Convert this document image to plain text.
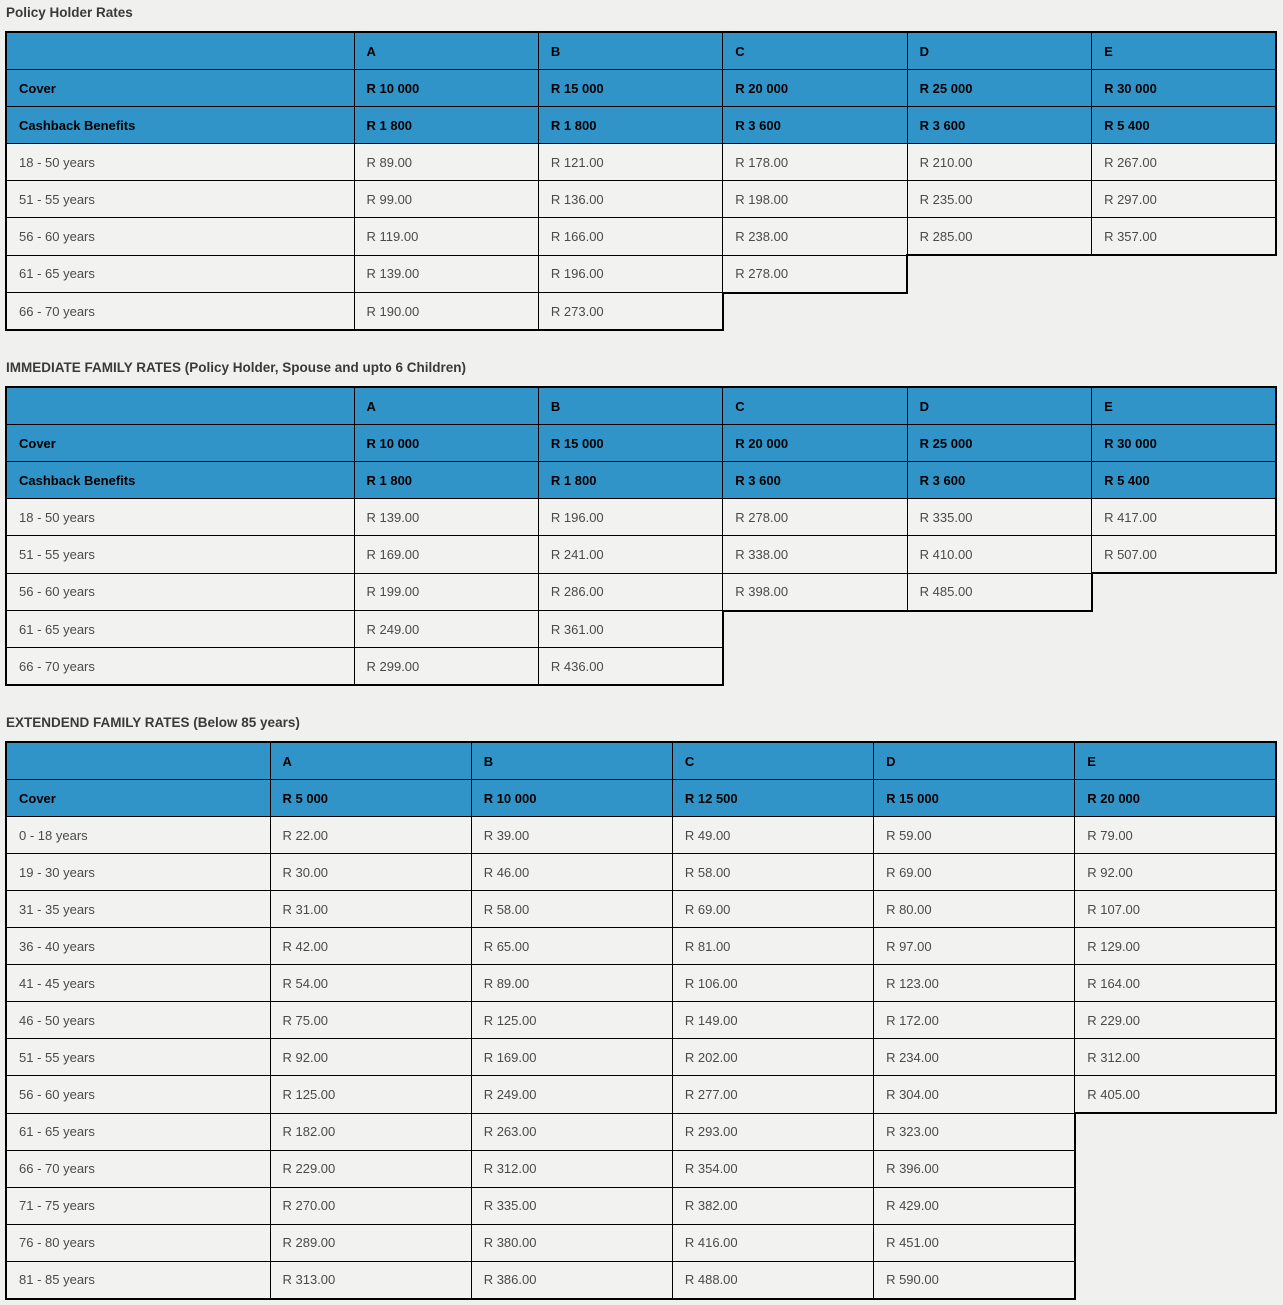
Policy Holder Rates
	A	B	C	D	E
Cover	R 10 000	R 15 000	R 20 000	R 25 000	R 30 000
Cashback Benefits	R 1 800	R 1 800	R 3 600	R 3 600	R 5 400
18 - 50 years	R 89.00	R 121.00	R 178.00	R 210.00	R 267.00
51 - 55 years	R 99.00	R 136.00	R 198.00	R 235.00	R 297.00
56 - 60 years	R 119.00	R 166.00	R 238.00	R 285.00	R 357.00
61 - 65 years	R 139.00	R 196.00	R 278.00		
66 - 70 years	R 190.00	R 273.00			
IMMEDIATE FAMILY RATES (Policy Holder, Spouse and upto 6 Children)
	A	B	C	D	E
Cover	R 10 000	R 15 000	R 20 000	R 25 000	R 30 000
Cashback Benefits	R 1 800	R 1 800	R 3 600	R 3 600	R 5 400
18 - 50 years	R 139.00	R 196.00	R 278.00	R 335.00	R 417.00
51 - 55 years	R 169.00	R 241.00	R 338.00	R 410.00	R 507.00
56 - 60 years	R 199.00	R 286.00	R 398.00	R 485.00	
61 - 65 years	R 249.00	R 361.00			
66 - 70 years	R 299.00	R 436.00			
EXTENDEND FAMILY RATES (Below 85 years)
	A	B	C	D	E
Cover	R 5 000	R 10 000	R 12 500	R 15 000	R 20 000
0 - 18 years	R 22.00	R 39.00	R 49.00	R 59.00	R 79.00
19 - 30 years	R 30.00	R 46.00	R 58.00	R 69.00	R 92.00
31 - 35 years	R 31.00	R 58.00	R 69.00	R 80.00	R 107.00
36 - 40 years	R 42.00	R 65.00	R 81.00	R 97.00	R 129.00
41 - 45 years	R 54.00	R 89.00	R 106.00	R 123.00	R 164.00
46 - 50 years	R 75.00	R 125.00	R 149.00	R 172.00	R 229.00
51 - 55 years	R 92.00	R 169.00	R 202.00	R 234.00	R 312.00
56 - 60 years	R 125.00	R 249.00	R 277.00	R 304.00	R 405.00
61 - 65 years	R 182.00	R 263.00	R 293.00	R 323.00	
66 - 70 years	R 229.00	R 312.00	R 354.00	R 396.00	
71 - 75 years	R 270.00	R 335.00	R 382.00	R 429.00	
76 - 80 years	R 289.00	R 380.00	R 416.00	R 451.00	
81 - 85 years	R 313.00	R 386.00	R 488.00	R 590.00	
